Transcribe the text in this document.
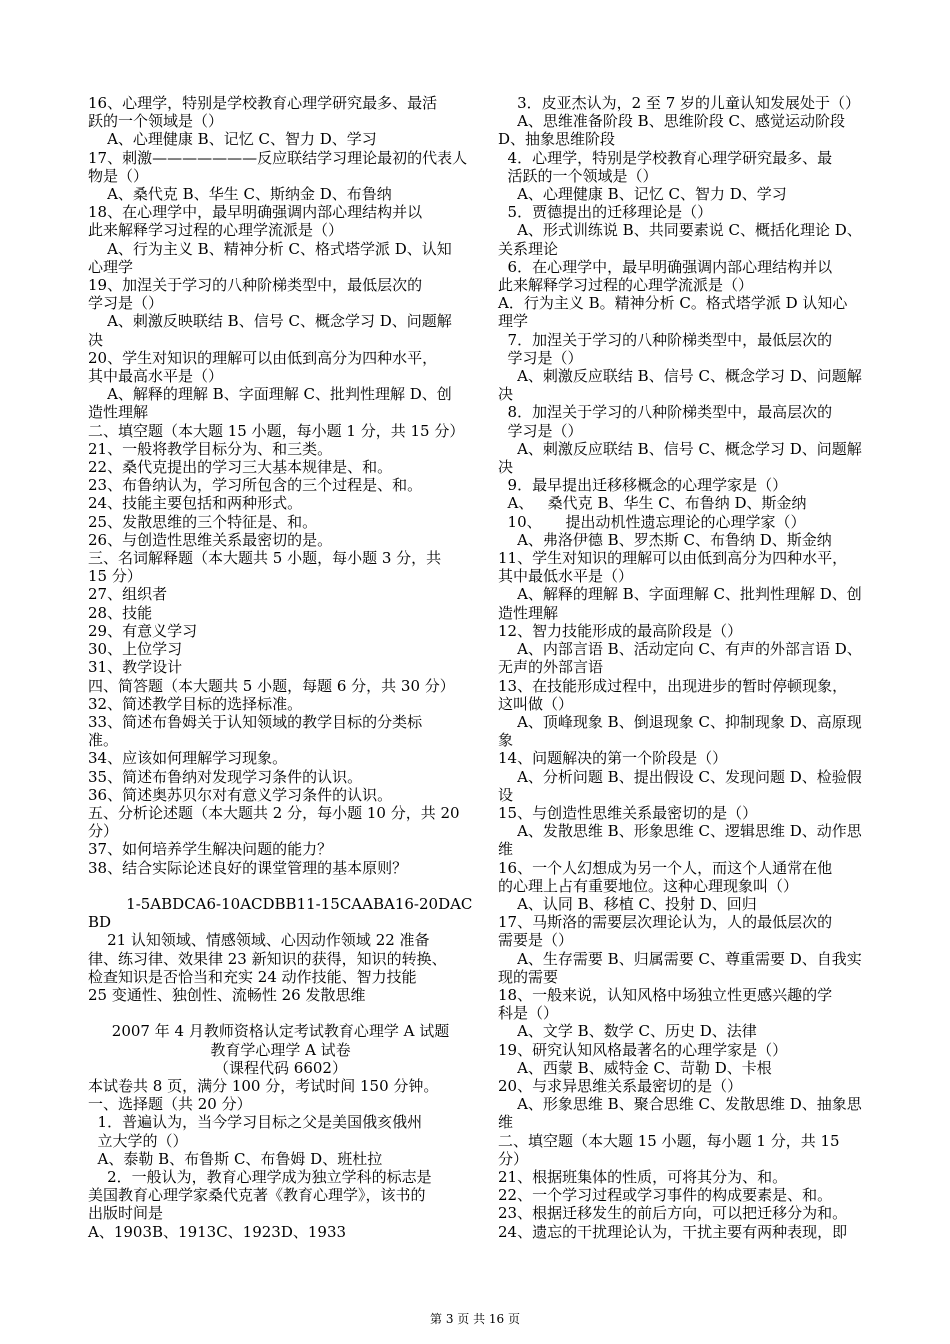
16、心理学，特别是学校教育心理学研究最多、最活
跃的一个领域是（）
A、心理健康 B、记忆 C、智力 D、学习
17、刺激———————反应联结学习理论最初的代表人
物是（）
A、桑代克 B、华生 C、斯纳金 D、布鲁纳
18、在心理学中，最早明确强调内部心理结构并以
此来解释学习过程的心理学流派是（）
A、行为主义 B、精神分析 C、格式塔学派 D、认知
心理学
19、加涅关于学习的八种阶梯类型中，最低层次的
学习是（）
A、刺激反映联结 B、信号 C、概念学习 D、问题解
决
20、学生对知识的理解可以由低到高分为四种水平，
其中最高水平是（）
A、解释的理解 B、字面理解 C、批判性理解 D、创
造性理解
二、填空题（本大题 15 小题，每小题 1 分，共 15 分）
21、一般将教学目标分为、和三类。
22、桑代克提出的学习三大基本规律是、和。
23、布鲁纳认为，学习所包含的三个过程是、和。
24、技能主要包括和两种形式。
25、发散思维的三个特征是、和。
26、与创造性思维关系最密切的是。
三、名词解释题（本大题共 5 小题，每小题 3 分，共
15 分）
27、组织者
28、技能
29、有意义学习
30、上位学习
31、教学设计
四、简答题（本大题共 5 小题，每题 6 分，共 30 分）
32、简述教学目标的选择标准。
33、简述布鲁姆关于认知领域的教学目标的分类标
准。
34、应该如何理解学习现象。
35、简述布鲁纳对发现学习条件的认识。
36、简述奥苏贝尔对有意义学习条件的认识。
五、分析论述题（本大题共 2 分，每小题 10 分，共 20
分）
37、如何培养学生解决问题的能力？
38、结合实际论述良好的课堂管理的基本原则？
1-5ABDCA6-10ACDBB11-15CAABA16-20DACBD
21 认知领域、情感领域、心因动作领域 22 准备
律、练习律、效果律 23 新知识的获得，知识的转换、
检查知识是否恰当和充实 24 动作技能、智力技能
25 变通性、独创性、流畅性 26 发散思维
2007 年 4 月教师资格认定考试教育心理学 A 试题
教育学心理学 A 试卷
（课程代码 6602）
本试卷共 8 页，满分 100 分，考试时间 150 分钟。
一、选择题（共 20 分）
1．普遍认为，当今学习目标之父是美国俄亥俄州
立大学的（）
A、泰勒 B、布鲁斯 C、布鲁姆 D、班杜拉
2．一般认为，教育心理学成为独立学科的标志是
美国教育心理学家桑代克著《教育心理学》，该书的
出版时间是
A、1903B、1913C、1923D、1933
3．皮亚杰认为，2 至 7 岁的儿童认知发展处于（）
A、思维准备阶段 B、思维阶段 C、感觉运动阶段
D、抽象思维阶段
4．心理学，特别是学校教育心理学研究最多、最
活跃的一个领域是（）
A、心理健康 B、记忆 C、智力 D、学习
5．贾德提出的迁移理论是（）
A、形式训练说 B、共同要素说 C、概括化理论 D、
关系理论
6．在心理学中，最早明确强调内部心理结构并以
此来解释学习过程的心理学流派是（）
A．行为主义 B。精神分析 C。格式塔学派 D 认知心
理学
7．加涅关于学习的八种阶梯类型中，最低层次的
学习是（）
A、刺激反应联结 B、信号 C、概念学习 D、问题解
决
8．加涅关于学习的八种阶梯类型中，最高层次的
学习是（）
A、刺激反应联结 B、信号 C、概念学习 D、问题解
决
9．最早提出迁移移概念的心理学家是（）
A、   桑代克 B、华生 C、布鲁纳 D、斯金纳
10、     提出动机性遗忘理论的心理学家（）
A、弗洛伊德 B、罗杰斯 C、布鲁纳 D、斯金纳
11、学生对知识的理解可以由低到高分为四种水平，
其中最低水平是（）
A、解释的理解 B、字面理解 C、批判性理解 D、创
造性理解
12、智力技能形成的最高阶段是（）
A、内部言语 B、活动定向 C、有声的外部言语 D、
无声的外部言语
13、在技能形成过程中，出现进步的暂时停顿现象，
这叫做（）
A、顶峰现象 B、倒退现象 C、抑制现象 D、高原现
象
14、问题解决的第一个阶段是（）
A、分析问题 B、提出假设 C、发现问题 D、检验假
设
15、与创造性思维关系最密切的是（）
A、发散思维 B、形象思维 C、逻辑思维 D、动作思
维
16、一个人幻想成为另一个人，而这个人通常在他
的心理上占有重要地位。这种心理现象叫（）
A、认同 B、移植 C、投射 D、回归
17、马斯洛的需要层次理论认为，人的最低层次的
需要是（）
A、生存需要 B、归属需要 C、尊重需要 D、自我实
现的需要
18、一般来说，认知风格中场独立性更感兴趣的学
科是（）
A、文学 B、数学 C、历史 D、法律
19、研究认知风格最著名的心理学家是（）
A、西蒙 B、威特金 C、苛勒 D、卡根
20、与求异思维关系最密切的是（）
A、形象思维 B、聚合思维 C、发散思维 D、抽象思
维
二、填空题（本大题 15 小题，每小题 1 分，共 15 分）
21、根据班集体的性质，可将其分为、和。
22、一个学习过程或学习事件的构成要素是、和。
23、根据迁移发生的前后方向，可以把迁移分为和。
24、遗忘的干扰理论认为，干扰主要有两种表现，即
第 3 页 共 16 页
